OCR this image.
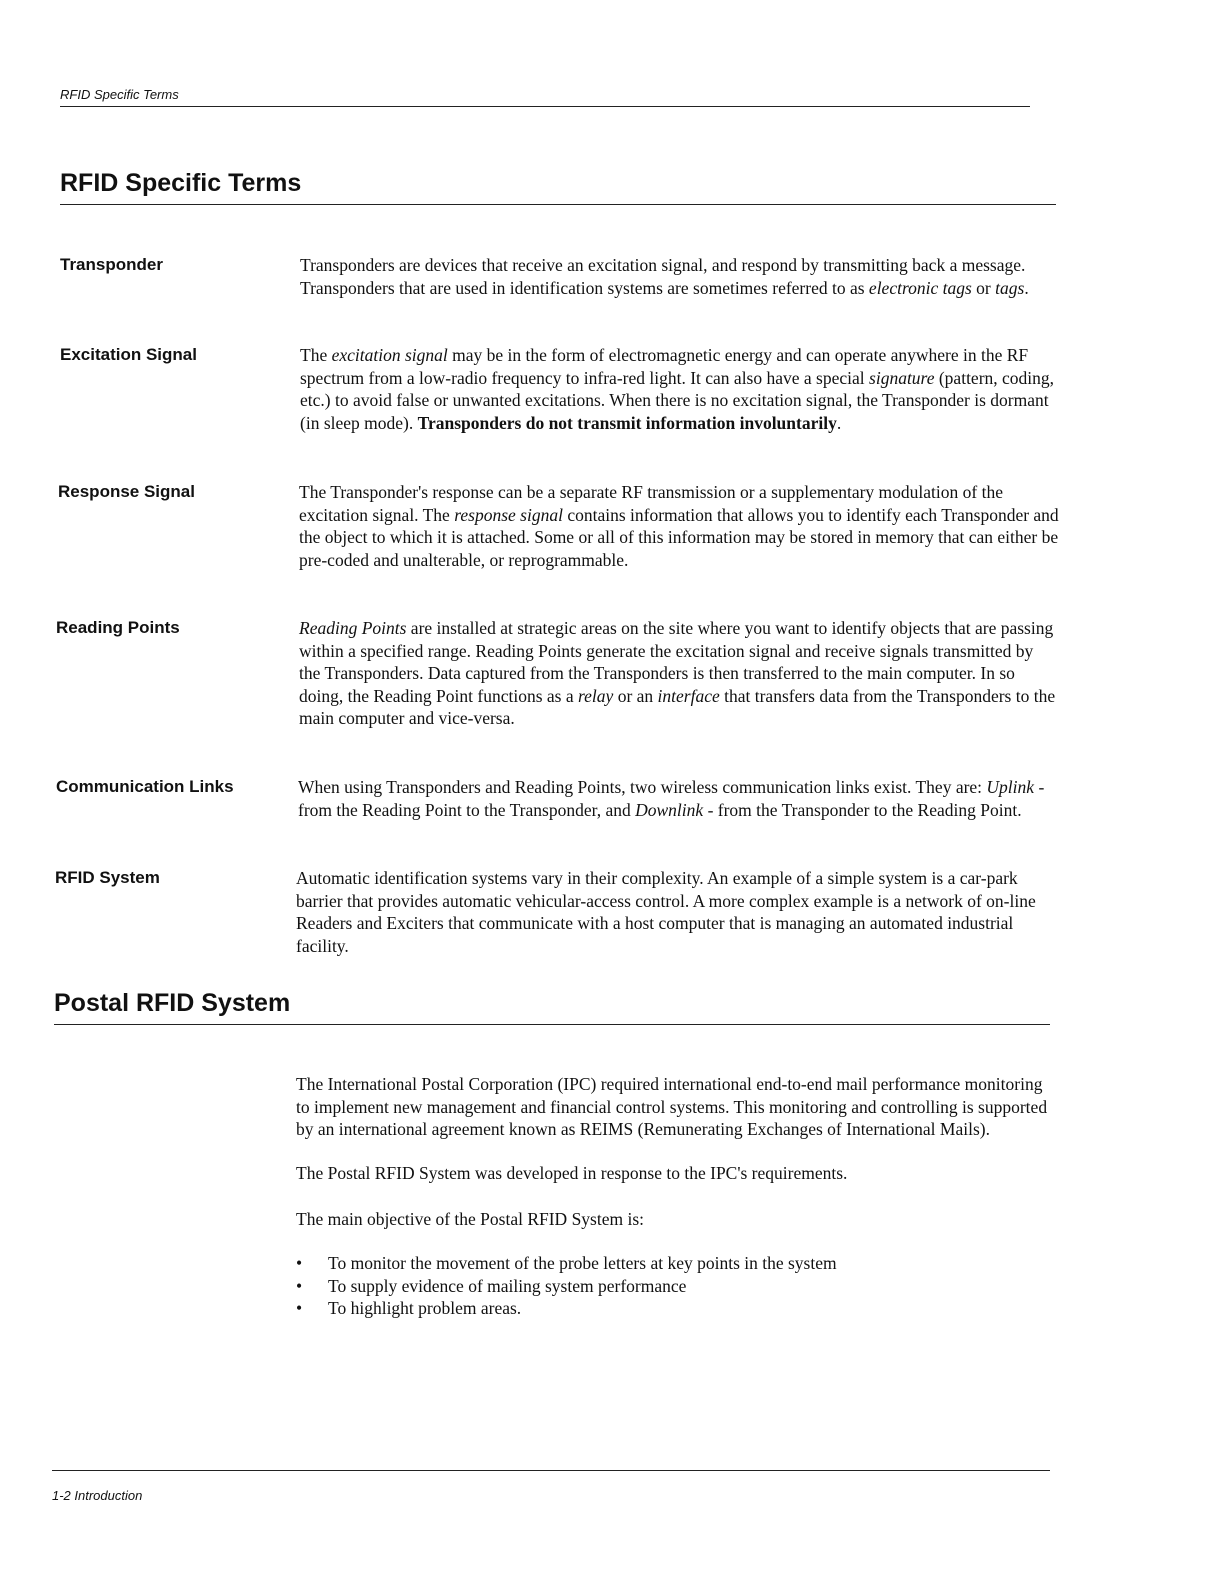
RFID Specific Terms
RFID Specific Terms
Transponder	Transponders are devices that receive an excitation signal, and respond by transmitting back a message. Transponders that are used in identification systems are sometimes referred to as electronic tags or tags.
Excitation Signal	The excitation signal may be in the form of electromagnetic energy and can operate anywhere in the RF spectrum from a low-radio frequency to infra-red light. It can also have a special signature (pattern, coding, etc.) to avoid false or unwanted excitations. When there is no excitation signal, the Transponder is dormant (in sleep mode). Transponders do not transmit information involuntarily.
Response Signal	The Transponder's response can be a separate RF transmission or a supplementary modulation of the excitation signal. The response signal contains information that allows you to identify each Transponder and the object to which it is attached. Some or all of this information may be stored in memory that can either be pre-coded and unalterable, or reprogrammable.
Reading Points	Reading Points are installed at strategic areas on the site where you want to identify objects that are passing within a specified range. Reading Points generate the excitation signal and receive signals transmitted by the Transponders. Data captured from the Transponders is then transferred to the main computer. In so doing, the Reading Point functions as a relay or an interface that transfers data from the Transponders to the main computer and vice-versa.
Communication Links	When using Transponders and Reading Points, two wireless communication links exist. They are: Uplink - from the Reading Point to the Transponder, and Downlink - from the Transponder to the Reading Point.
RFID System	Automatic identification systems vary in their complexity. An example of a simple system is a car-park barrier that provides automatic vehicular-access control. A more complex example is a network of on-line Readers and Exciters that communicate with a host computer that is managing an automated industrial facility.
Postal RFID System

The International Postal Corporation (IPC) required international end-to-end mail performance monitoring to implement new management and financial control systems. This monitoring and controlling is supported by an international agreement known as REIMS (Remunerating Exchanges of International Mails).

The Postal RFID System was developed in response to the IPC's requirements.

The main objective of the Postal RFID System is:

• To monitor the movement of the probe letters at key points in the system
• To supply evidence of mailing system performance
• To highlight problem areas.
1-2 Introduction
